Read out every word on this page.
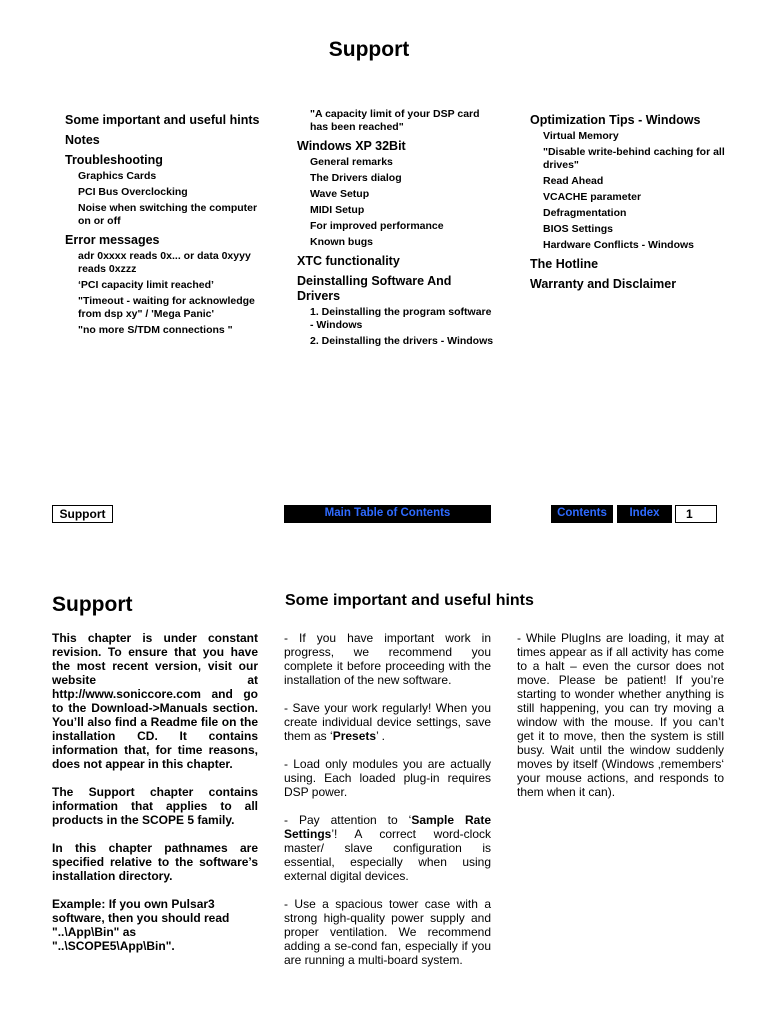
Support
Some important and useful hints
Notes
Troubleshooting
Graphics Cards
PCI Bus Overclocking
Noise when switching the computer on or off
Error messages
adr 0xxxx reads 0x... or data 0xyyy reads 0xzzz
‘PCI capacity limit reached’
"Timeout - waiting for acknowledge from dsp xy" / 'Mega Panic'
"no more S/TDM connections "
"A capacity limit of your DSP card has been reached"
Windows XP 32Bit
General remarks
The Drivers dialog
Wave Setup
MIDI Setup
For improved performance
Known bugs
XTC functionality
Deinstalling Software And Drivers
1. Deinstalling the program software - Windows
2. Deinstalling the drivers - Windows
Optimization Tips - Windows
Virtual Memory
"Disable write-behind caching for all drives"
Read Ahead
VCACHE parameter
Defragmentation
BIOS Settings
Hardware Conflicts - Windows
The Hotline
Warranty and Disclaimer
Support	Main Table of Contents	Contents	Index	1
Support	Some important and useful hints

This chapter is under constant revision. To ensure that you have the most recent version, visit our website at http://www.soniccore.com and go to the Download->Manuals section. You’ll also find a Readme file on the installation CD. It contains information that, for time reasons, does not appear in this chapter.

The Support chapter contains information that applies to all products in the SCOPE 5 family.

In this chapter pathnames are specified relative to the software’s installation directory.

Example: If you own Pulsar3 software, then you should read "..\App\Bin" as "..\SCOPE5\App\Bin".

- If you have important work in progress, we recommend you complete it before proceeding with the installation of the new software.

- Save your work regularly! When you create individual device settings, save them as ‘Presets’ .

- Load only modules you are actually using. Each loaded plug-in requires DSP power.

- Pay attention to ‘Sample Rate Settings’! A correct word-clock master/ slave configuration is essential, especially when using external digital devices.

- Use a spacious tower case with a strong high-quality power supply and proper ventilation. We recommend adding a se-cond fan, especially if you are running a multi-board system.

- While PlugIns are loading, it may at times appear as if all activity has come to a halt – even the cursor does not move. Please be patient! If you’re starting to wonder whether anything is still happening, you can try moving a window with the mouse. If you can’t get it to move, then the system is still busy. Wait until the window suddenly moves by itself (Windows ‚remembers‘ your mouse actions, and responds to them when it can).
